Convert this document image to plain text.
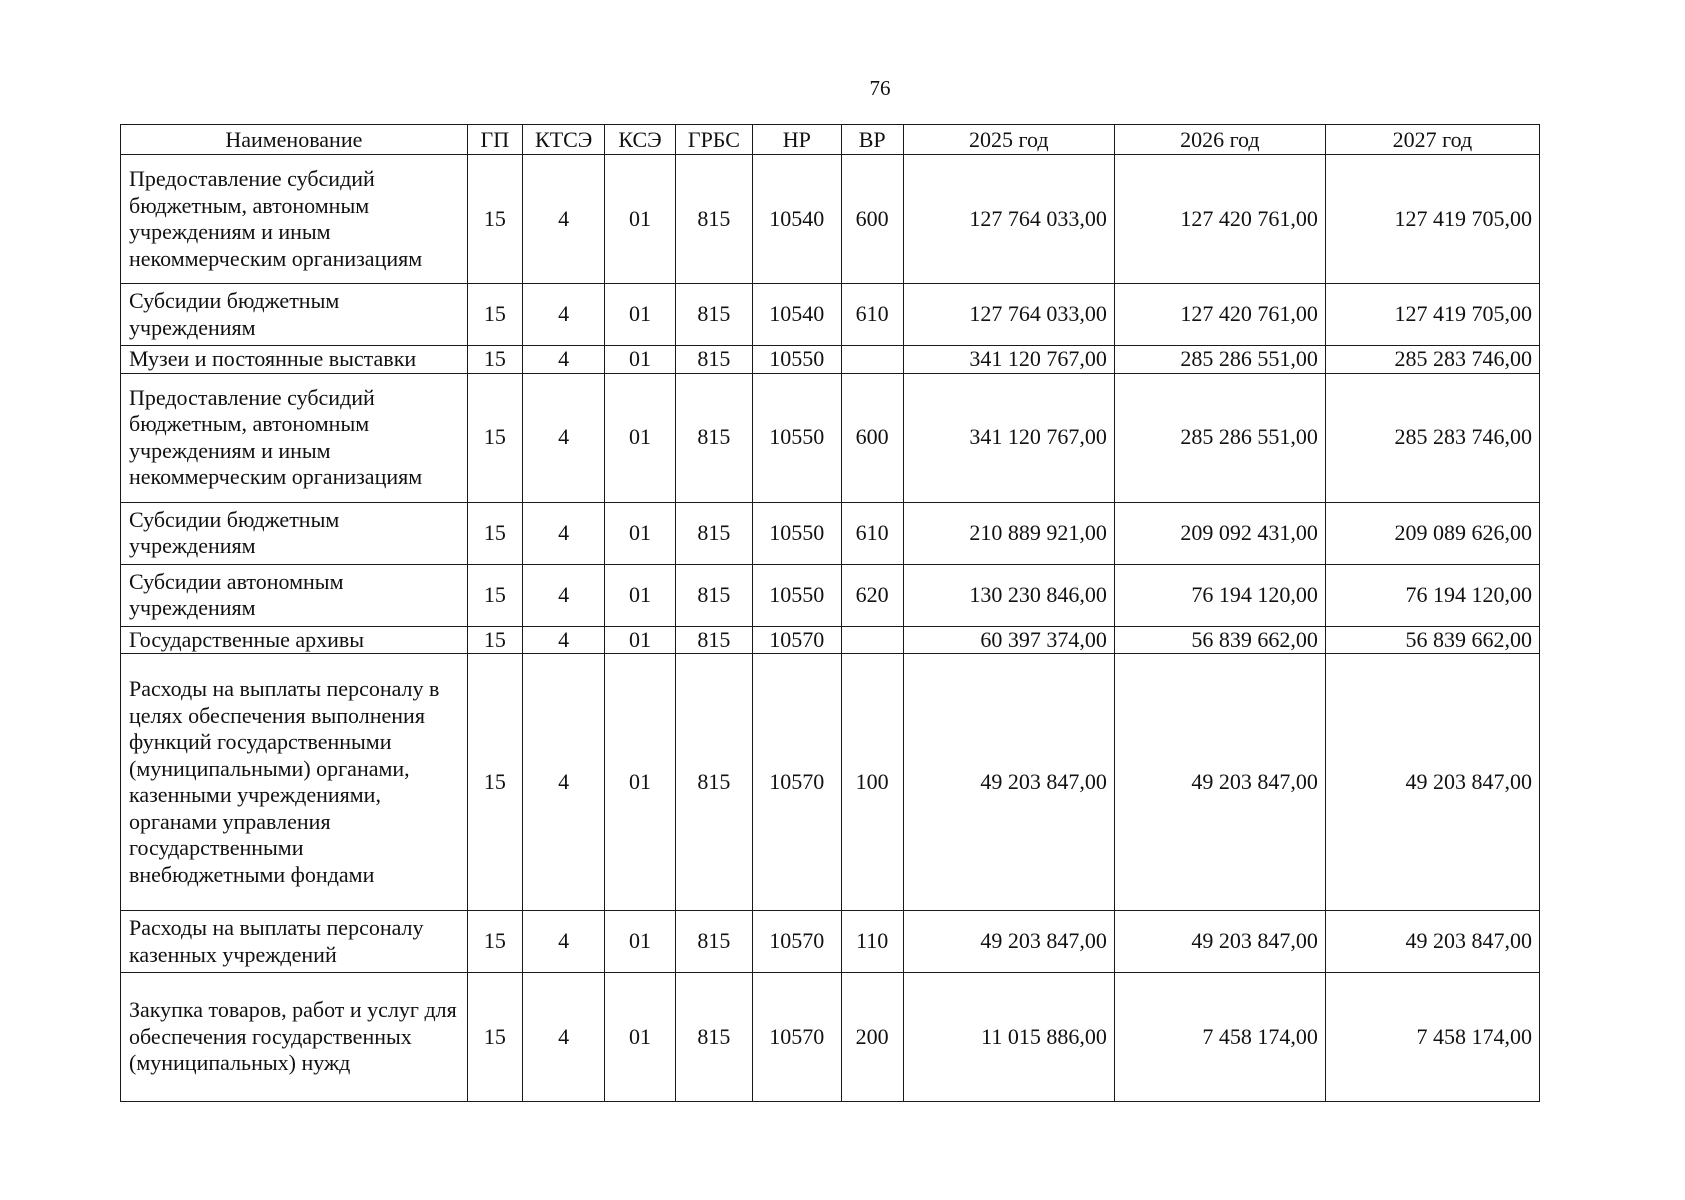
76
Наименование	ГП	КТСЭ	КСЭ	ГРБС	НР	ВР	2025 год	2026 год	2027 год
Предоставление субсидий бюджетным, автономным учреждениям и иным некоммерческим организациям	15	4	01	815	10540	600	127 764 033,00	127 420 761,00	127 419 705,00
Субсидии бюджетным учреждениям	15	4	01	815	10540	610	127 764 033,00	127 420 761,00	127 419 705,00
Музеи и постоянные выставки	15	4	01	815	10550		341 120 767,00	285 286 551,00	285 283 746,00
Предоставление субсидий бюджетным, автономным учреждениям и иным некоммерческим организациям	15	4	01	815	10550	600	341 120 767,00	285 286 551,00	285 283 746,00
Субсидии бюджетным учреждениям	15	4	01	815	10550	610	210 889 921,00	209 092 431,00	209 089 626,00
Субсидии автономным учреждениям	15	4	01	815	10550	620	130 230 846,00	76 194 120,00	76 194 120,00
Государственные архивы	15	4	01	815	10570		60 397 374,00	56 839 662,00	56 839 662,00
Расходы на выплаты персоналу в целях обеспечения выполнения функций государственными (муниципальными) органами, казенными учреждениями, органами управления государственными внебюджетными фондами	15	4	01	815	10570	100	49 203 847,00	49 203 847,00	49 203 847,00
Расходы на выплаты персоналу казенных учреждений	15	4	01	815	10570	110	49 203 847,00	49 203 847,00	49 203 847,00
Закупка товаров, работ и услуг для обеспечения государственных (муниципальных) нужд	15	4	01	815	10570	200	11 015 886,00	7 458 174,00	7 458 174,00
